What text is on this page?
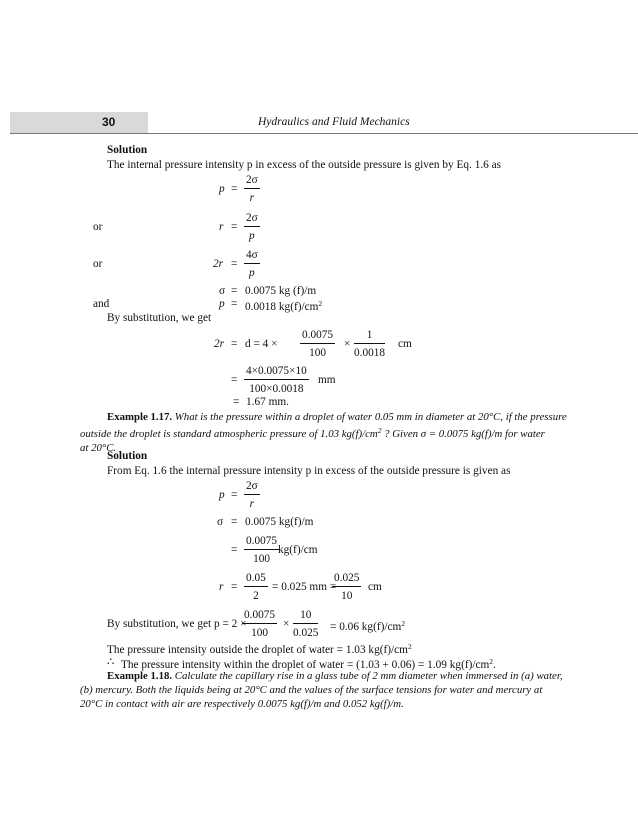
30	Hydraulics and Fluid Mechanics
Solution
The internal pressure intensity p in excess of the outside pressure is given by Eq. 1.6 as
$p = \frac{2\sigma}{r}$
or	$r = \frac{2\sigma}{p}$
or	$2r = \frac{4\sigma}{p}$
σ = 0.0075 kg (f)/m
and	p = 0.0018 $kg(f)/cm^2$
By substitution, we get
$2r = d = 4 \times \frac{0.0075}{100} \times \frac{1}{0.0018}$ cm
= $\frac{4\times 0.0075\times 10}{100\times 0.0018}$ mm
= 1.67 mm.
Example 1.17. What is the pressure within a droplet of water 0.05 mm in diameter at 20°C, if the pressure
outside the droplet is standard atmospheric pressure of 1.03 $kg(f)/cm^2$ ? Given σ = 0.0075 kg(f)/m for water
at 20°C.
Solution
From Eq. 1.6 the internal pressure intensity p in excess of the outside pressure is given as
$p = \frac{2\sigma}{r}$
σ = 0.0075 kg(f)/m
= $\frac{0.0075}{100}$
kg(f)/cm
$r = \frac{0.05}{2} = 0.025$ mm =
$\frac{0.025}{10}$ cm
By substitution, we get p = 2 ×
$\frac{0.0075}{100} \times \frac{10}{0.025} = 0.06$ $kg(f)/cm^2$
The pressure intensity outside the droplet of water = 1.03 $kg(f)/cm^2$
∴ The pressure intensity within the droplet of water = (1.03 + 0.06) = 1.09 $kg(f)/cm^2$.
Example 1.18. Calculate the capillary rise in a glass tube of 2 mm diameter when immersed in (a) water,
(b) mercury. Both the liquids being at 20°C and the values of the surface tensions for water and mercury at
20°C in contact with air are respectively 0.0075 kg(f)/m and 0.052 kg(f)/m.
